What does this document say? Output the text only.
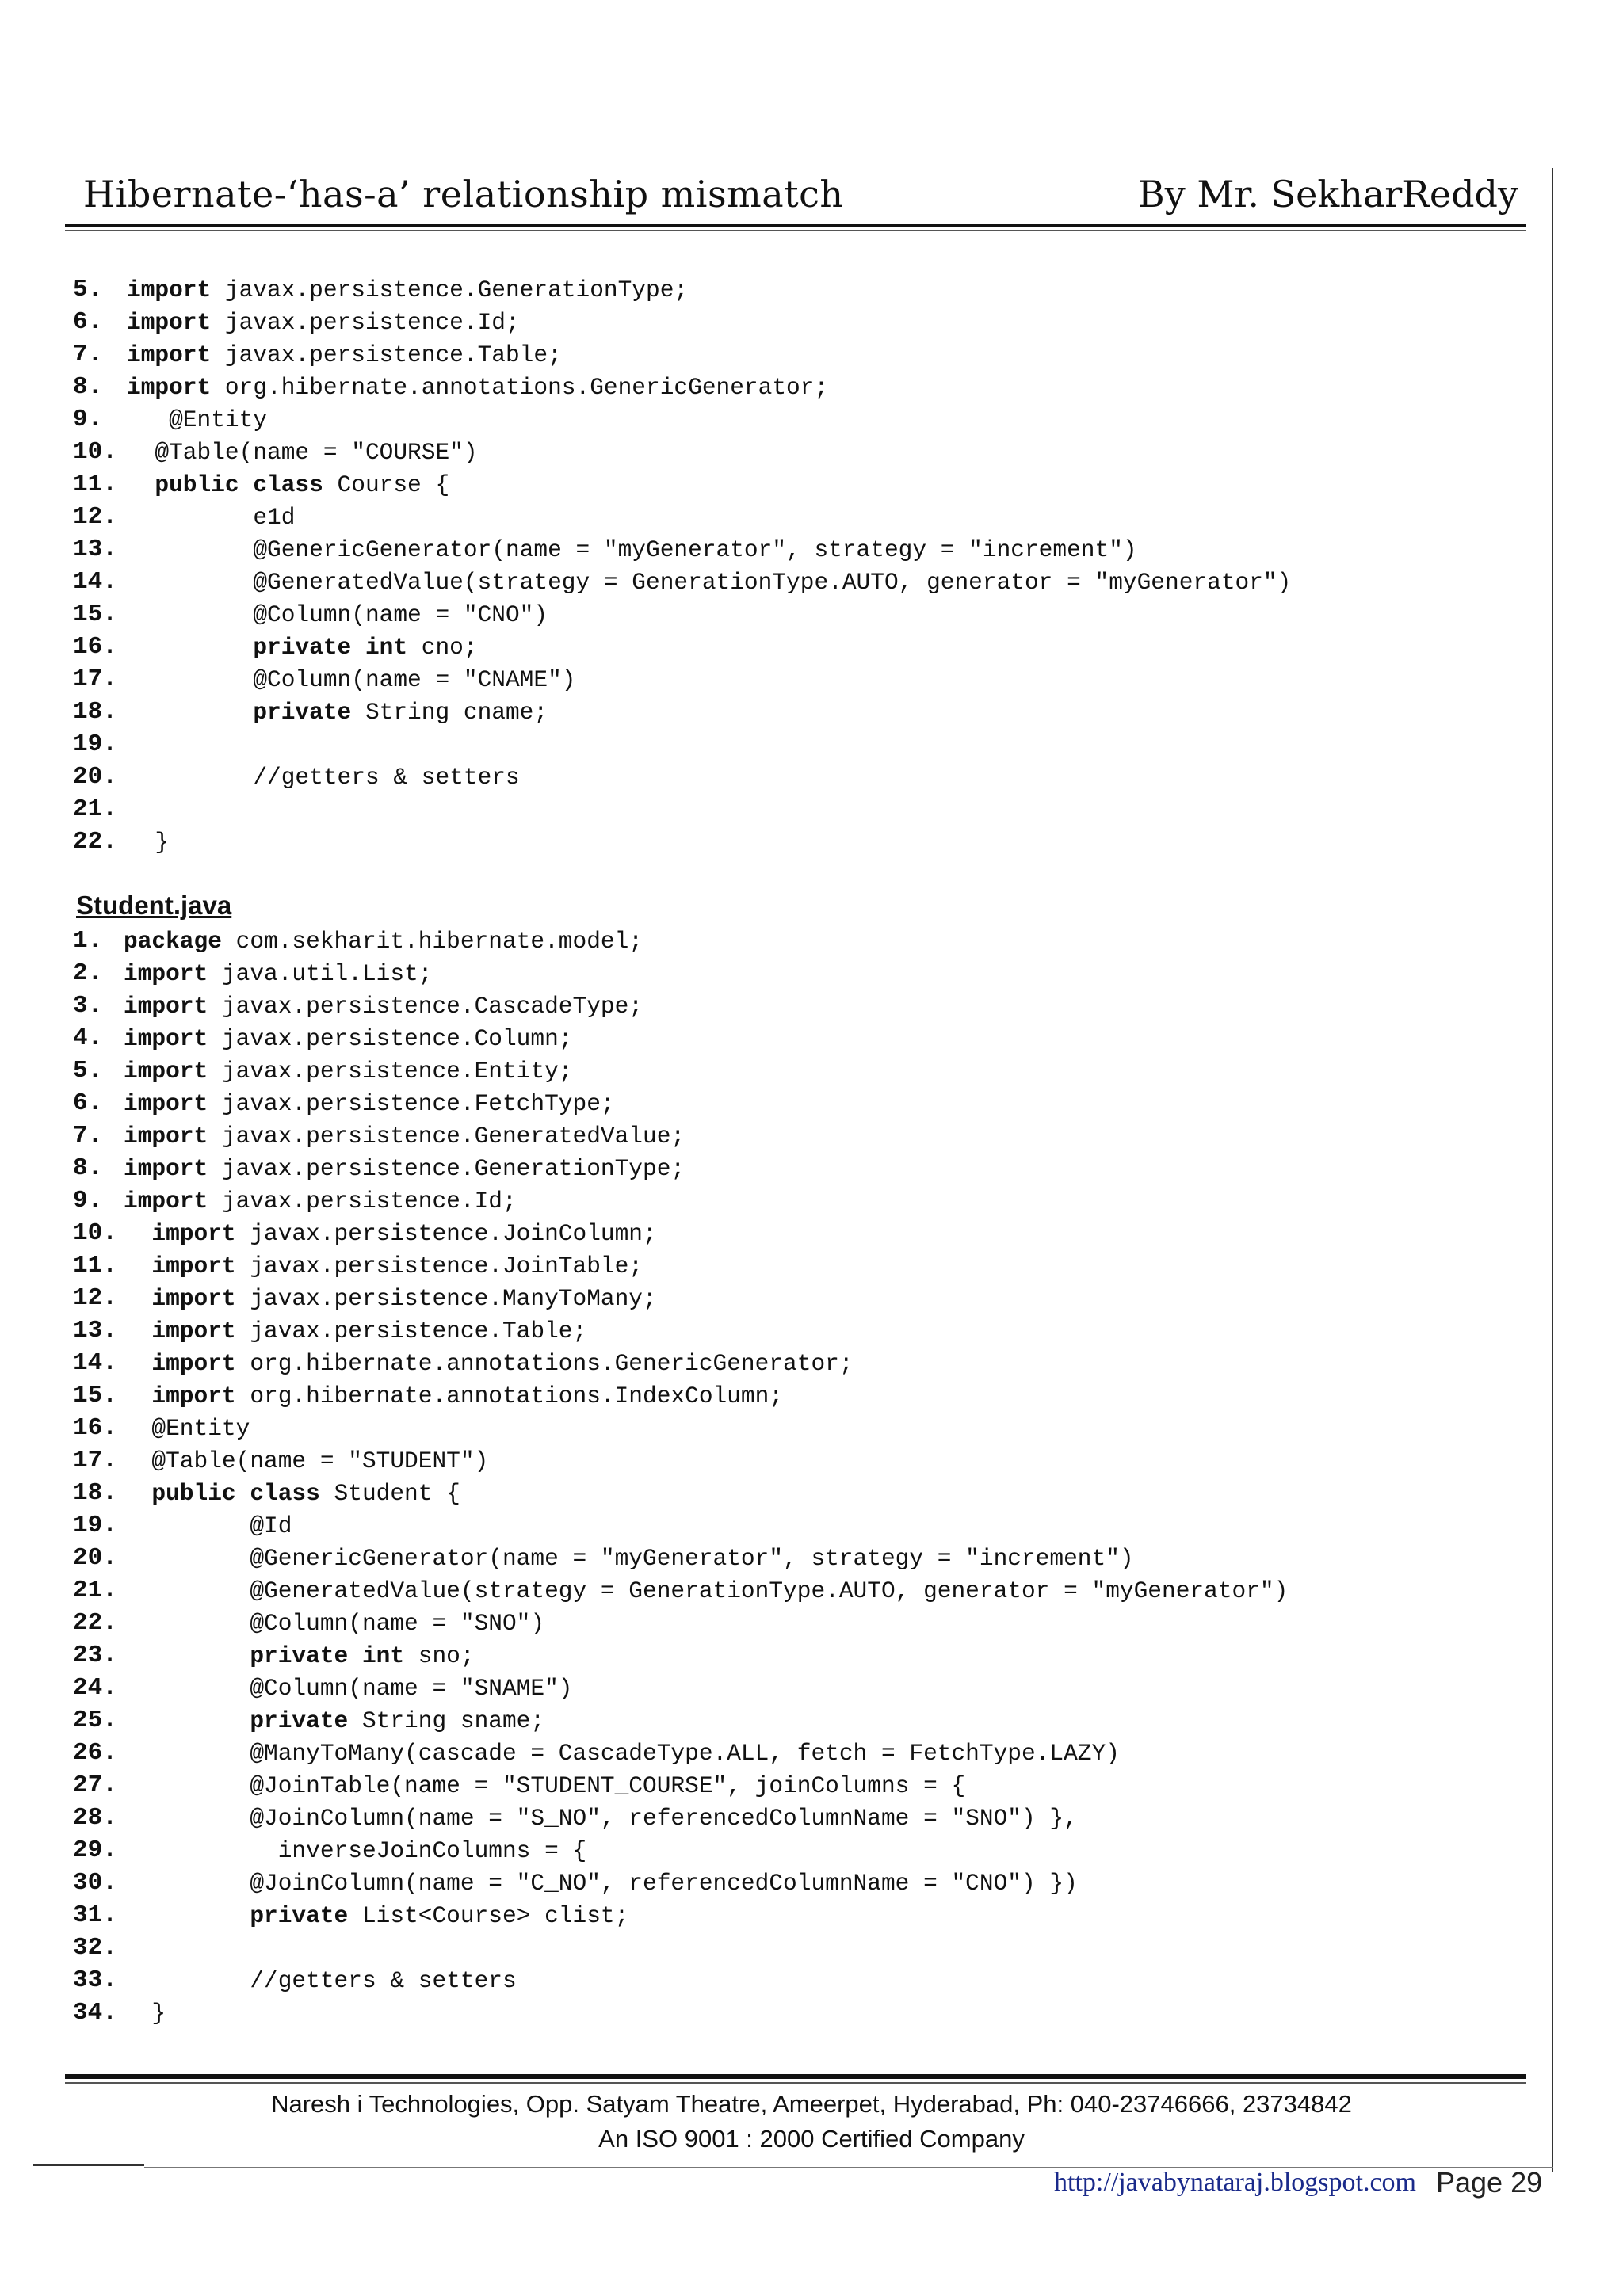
Hibernate-‘has-a’ relationship mismatch	By Mr. SekharReddy
5. import javax.persistence.GenerationType;
6. import javax.persistence.Id;
7. import javax.persistence.Table;
8. import org.hibernate.annotations.GenericGenerator;
9. @Entity
10. @Table(name = "COURSE")
11.	public class Course {
12. e1d
13. @GenericGenerator(name = "myGenerator", strategy = "increment")
14. @GeneratedValue(strategy = GenerationType.AUTO, generator = "myGenerator")
15. @Column(name = "CNO")
16.	private int cno;
17. @Column(name = "CNAME")
18.	private String cname;
19.
20. //getters & setters
21.
22. }
Student.java
1. package com.sekharit.hibernate.model;
2. import java.util.List;
3. import javax.persistence.CascadeType;
4. import javax.persistence.Column;
5. import javax.persistence.Entity;
6. import javax.persistence.FetchType;
7. import javax.persistence.GeneratedValue;
8. import javax.persistence.GenerationType;
9. import javax.persistence.Id;
10.	import javax.persistence.JoinColumn;
11.	import javax.persistence.JoinTable;
12.	import javax.persistence.ManyToMany;
13.	import javax.persistence.Table;
14.	import org.hibernate.annotations.GenericGenerator;
15.	import org.hibernate.annotations.IndexColumn;
16. @Entity
17. @Table(name = "STUDENT")
18.	public class Student {
19. @Id
20. @GenericGenerator(name = "myGenerator", strategy = "increment")
21. @GeneratedValue(strategy = GenerationType.AUTO, generator = "myGenerator")
22. @Column(name = "SNO")
23.	private int sno;
24. @Column(name = "SNAME")
25.	private String sname;
26. @ManyToMany(cascade = CascadeType.ALL, fetch = FetchType.LAZY)
27. @JoinTable(name = "STUDENT_COURSE", joinColumns = {
28. @JoinColumn(name = "S_NO", referencedColumnName = "SNO") },
29. inverseJoinColumns = {
30. @JoinColumn(name = "C_NO", referencedColumnName = "CNO") })
31.	private List<Course> clist;
32.
33. //getters & setters
34. }
Naresh i Technologies, Opp. Satyam Theatre, Ameerpet, Hyderabad, Ph: 040-23746666, 23734842
An ISO 9001 : 2000 Certified Company
http://javabynataraj.blogspot.com Page 29
